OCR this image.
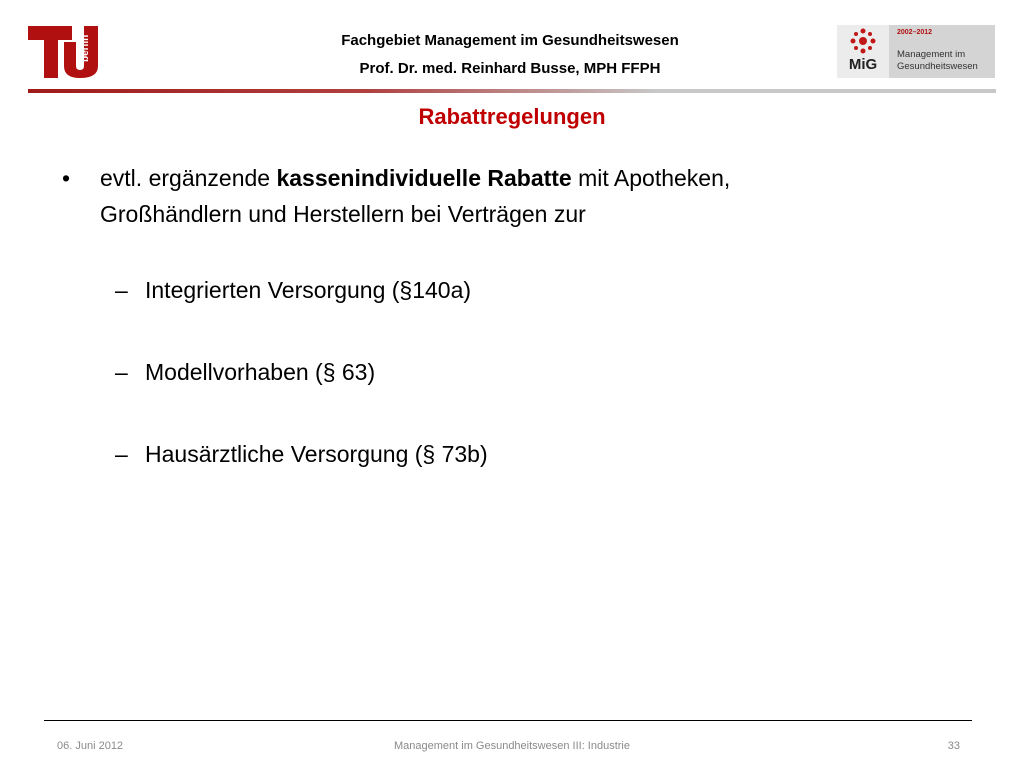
berlin	Fachgebiet Management im Gesundheitswesen
Prof. Dr. med. Reinhard Busse, MPH FFPH	MiG
2002–2012
Management im
Gesundheitswesen
Rabattregelungen
• evtl. ergänzende kassenindividuelle Rabatte mit Apotheken, Großhändlern und Herstellern bei Verträgen zur
– Integrierten Versorgung (§140a)
– Modellvorhaben (§ 63)
– Hausärztliche Versorgung (§ 73b)
06. Juni 2012	Management im Gesundheitswesen III: Industrie	33
